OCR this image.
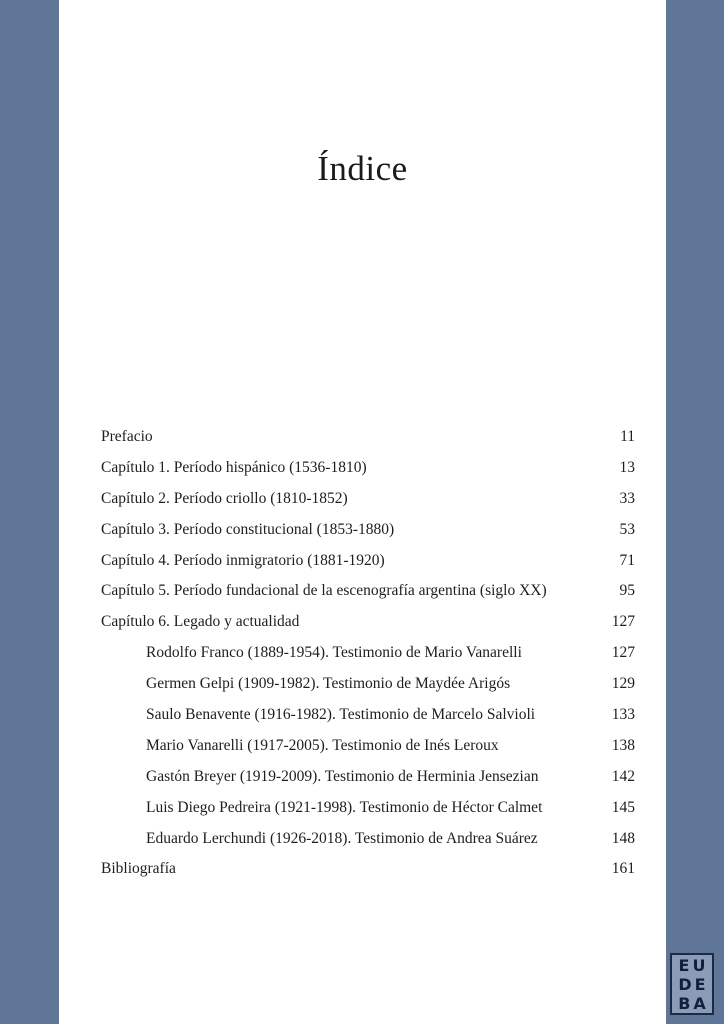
Índice
Prefacio	11
Capítulo 1. Período hispánico (1536-1810)	13
Capítulo 2. Período criollo (1810-1852)	33
Capítulo 3. Período constitucional (1853-1880)	53
Capítulo 4. Período inmigratorio (1881-1920)	71
Capítulo 5. Período fundacional de la escenografía argentina (siglo XX)	95
Capítulo 6. Legado y actualidad	127
Rodolfo Franco (1889-1954). Testimonio de Mario Vanarelli	127
Germen Gelpi (1909-1982). Testimonio de Maydée Arigós	129
Saulo Benavente (1916-1982). Testimonio de Marcelo Salvioli	133
Mario Vanarelli (1917-2005). Testimonio de Inés Leroux	138
Gastón Breyer (1919-2009). Testimonio de Herminia Jensezian	142
Luis Diego Pedreira (1921-1998). Testimonio de Héctor Calmet	145
Eduardo Lerchundi (1926-2018). Testimonio de Andrea Suárez	148
Bibliografía	161
EU
DE
BA
